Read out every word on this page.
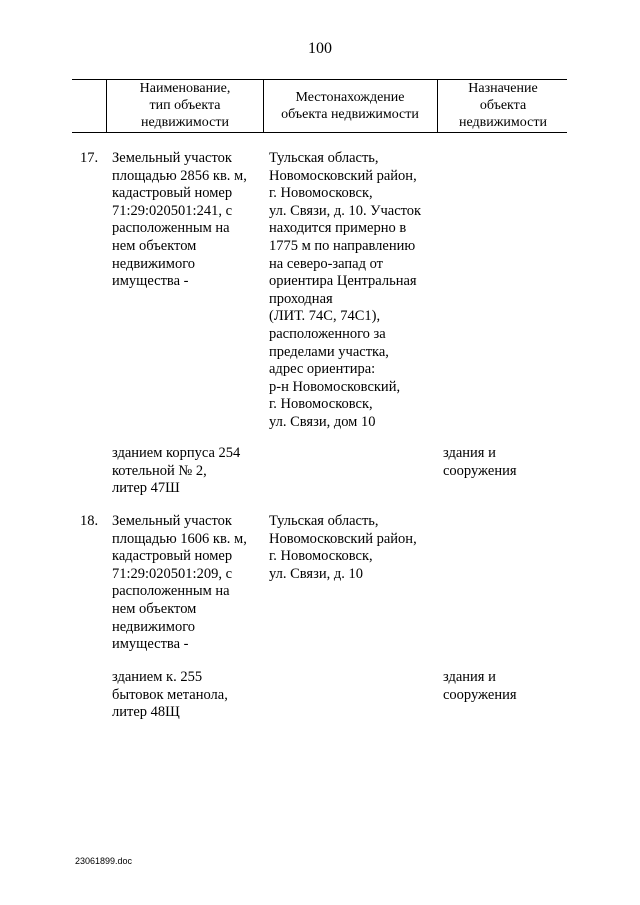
100
Наименование,
тип объекта
недвижимости
Местонахождение
объекта недвижимости
Назначение
объекта
недвижимости
17. Земельный участок
площадью 2856 кв. м,
кадастровый номер
71:29:020501:241, с
расположенным на
нем объектом
недвижимого
имущества -
Тульская область,
Новомосковский район,
г. Новомосковск,
ул. Связи, д. 10. Участок
находится примерно в
1775 м по направлению
на северо-запад от
ориентира Центральная
проходная
(ЛИТ. 74С, 74С1),
расположенного за
пределами участка,
адрес ориентира:
р-н Новомосковский,
г. Новомосковск,
ул. Связи, дом 10
зданием корпуса 254
котельной № 2,
литер 47Ш
здания и
сооружения
18. Земельный участок
площадью 1606 кв. м,
кадастровый номер
71:29:020501:209, с
расположенным на
нем объектом
недвижимого
имущества -
Тульская область,
Новомосковский район,
г. Новомосковск,
ул. Связи, д. 10
зданием к. 255
бытовок метанола,
литер 48Щ
здания и
сооружения
23061899.doc
